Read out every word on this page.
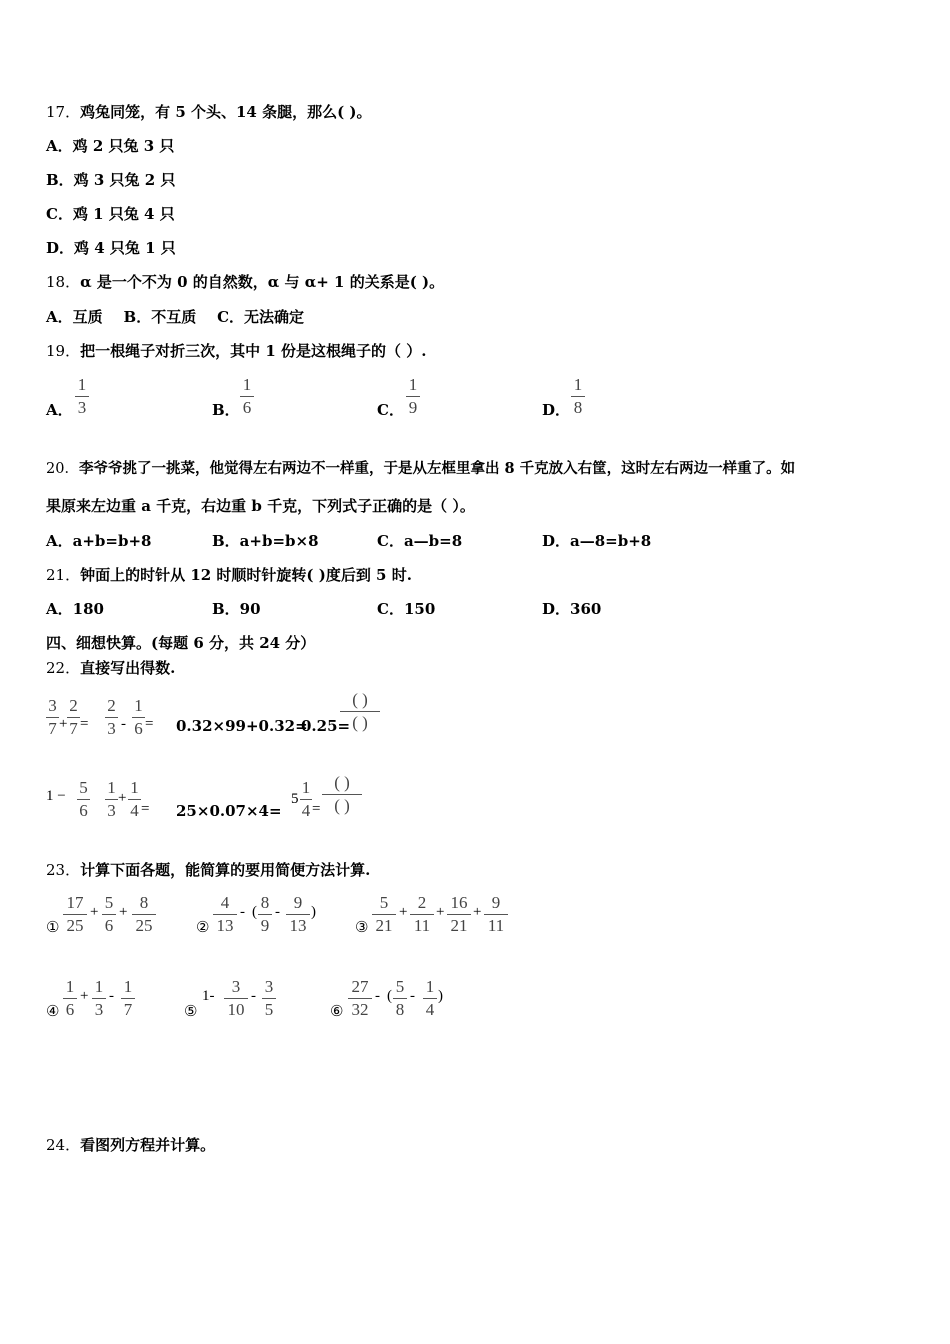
17．鸡兔同笼，有 5 个头、14 条腿，那么( )。
A．鸡 2 只兔 3 只
B．鸡 3 只兔 2 只
C．鸡 1 只兔 4 只
D．鸡 4 只兔 1 只
18．α 是一个不为 0 的自然数，α 与 α+ 1 的关系是( )。
A．互质    B．不互质    C．无法确定
19．把一根绳子对折三次，其中 1 份是这根绳子的（ ）.
A．
1
3	B．
1
6	C．
1
9	D．
1
8
20．李爷爷挑了一挑菜，他觉得左右两边不一样重，于是从左框里拿出 8 千克放入右筐，这时左右两边一样重了。如
果原来左边重 a 千克，右边重 b 千克，下列式子正确的是（ ）。
A．a+b=b+8	B．a+b=b×8	C．a—b=8	D．a—8=b+8
21．钟面上的时针从 12 时顺时针旋转( )度后到 5 时.
A．180	B．90	C．150	D．360
四、细想快算。(每题 6 分，共 24 分）
22．直接写出得数.
3
7 +
2
7 =
2
3 -
1
6 = 0.32×99+0.32=
0.25=
( )
( )
1 − 5
6
1
3
+
1
4 = 25×0.07×4=
5
1
4 =
( )
( )
23．计算下面各题，能简算的要用简便方法计算.
①
17
25
+ 5
6
+ 8
25	②
4
13
- ( 8
9
- 9
13
)
③
5
21
+ 2
11
+ 16
21
+ 9
11
④
1
6
+ 1
3
- 1
7	⑤
1-	3
10
- 3
5	⑥
27
32
- ( 5
8
- 1
4
)
24．看图列方程并计算。
